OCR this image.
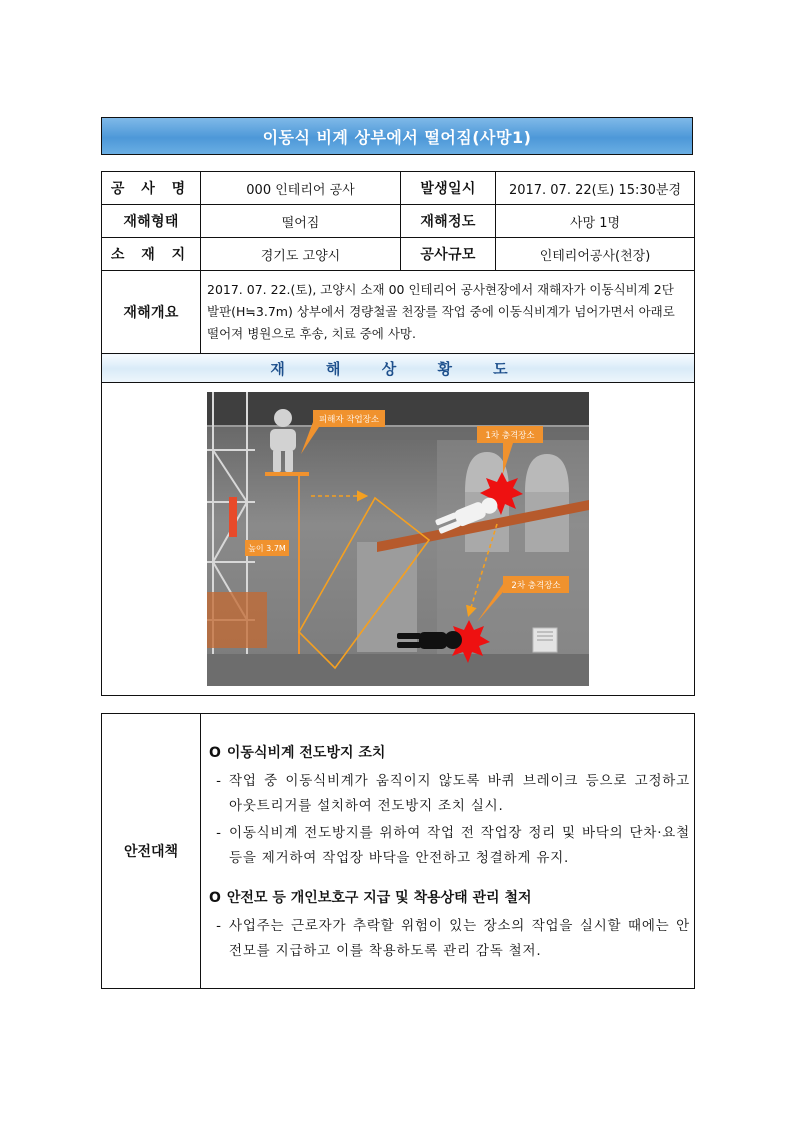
이동식 비계 상부에서 떨어짐(사망1)
공 사 명	000 인테리어 공사	발생일시	2017. 07. 22(토) 15:30분경
재해형태	떨어짐	재해정도	사망 1명
소 재 지	경기도 고양시	공사규모	인테리어공사(천장)
재해개요	2017. 07. 22.(토), 고양시 소재 00 인테리어 공사현장에서 재해자가 이동식비계 2단 발판(H≒3.7m) 상부에서 경량철골 천장를 작업 중에 이동식비계가 넘어가면서 아래로 떨어져 병원으로 후송, 치료 중에 사망.		
재 해 상 황 도			

피해자 작업장소
높이 3.7M
1차 충격장소
2차 충격장소			
안전대책	
O 이동식비계 전도방지 조치
- 작업 중 이동식비계가 움직이지 않도록 바퀴 브레이크 등으로 고정하고 아웃트리거를 설치하여 전도방지 조치 실시.
- 이동식비계 전도방지를 위하여 작업 전 작업장 정리 및 바닥의 단차·요철 등을 제거하여 작업장 바닥을 안전하고 청결하게 유지.
O 안전모 등 개인보호구 지급 및 착용상태 관리 철저
- 사업주는 근로자가 추락할 위험이 있는 장소의 작업을 실시할 때에는 안전모를 지급하고 이를 착용하도록 관리 감독 철저.
